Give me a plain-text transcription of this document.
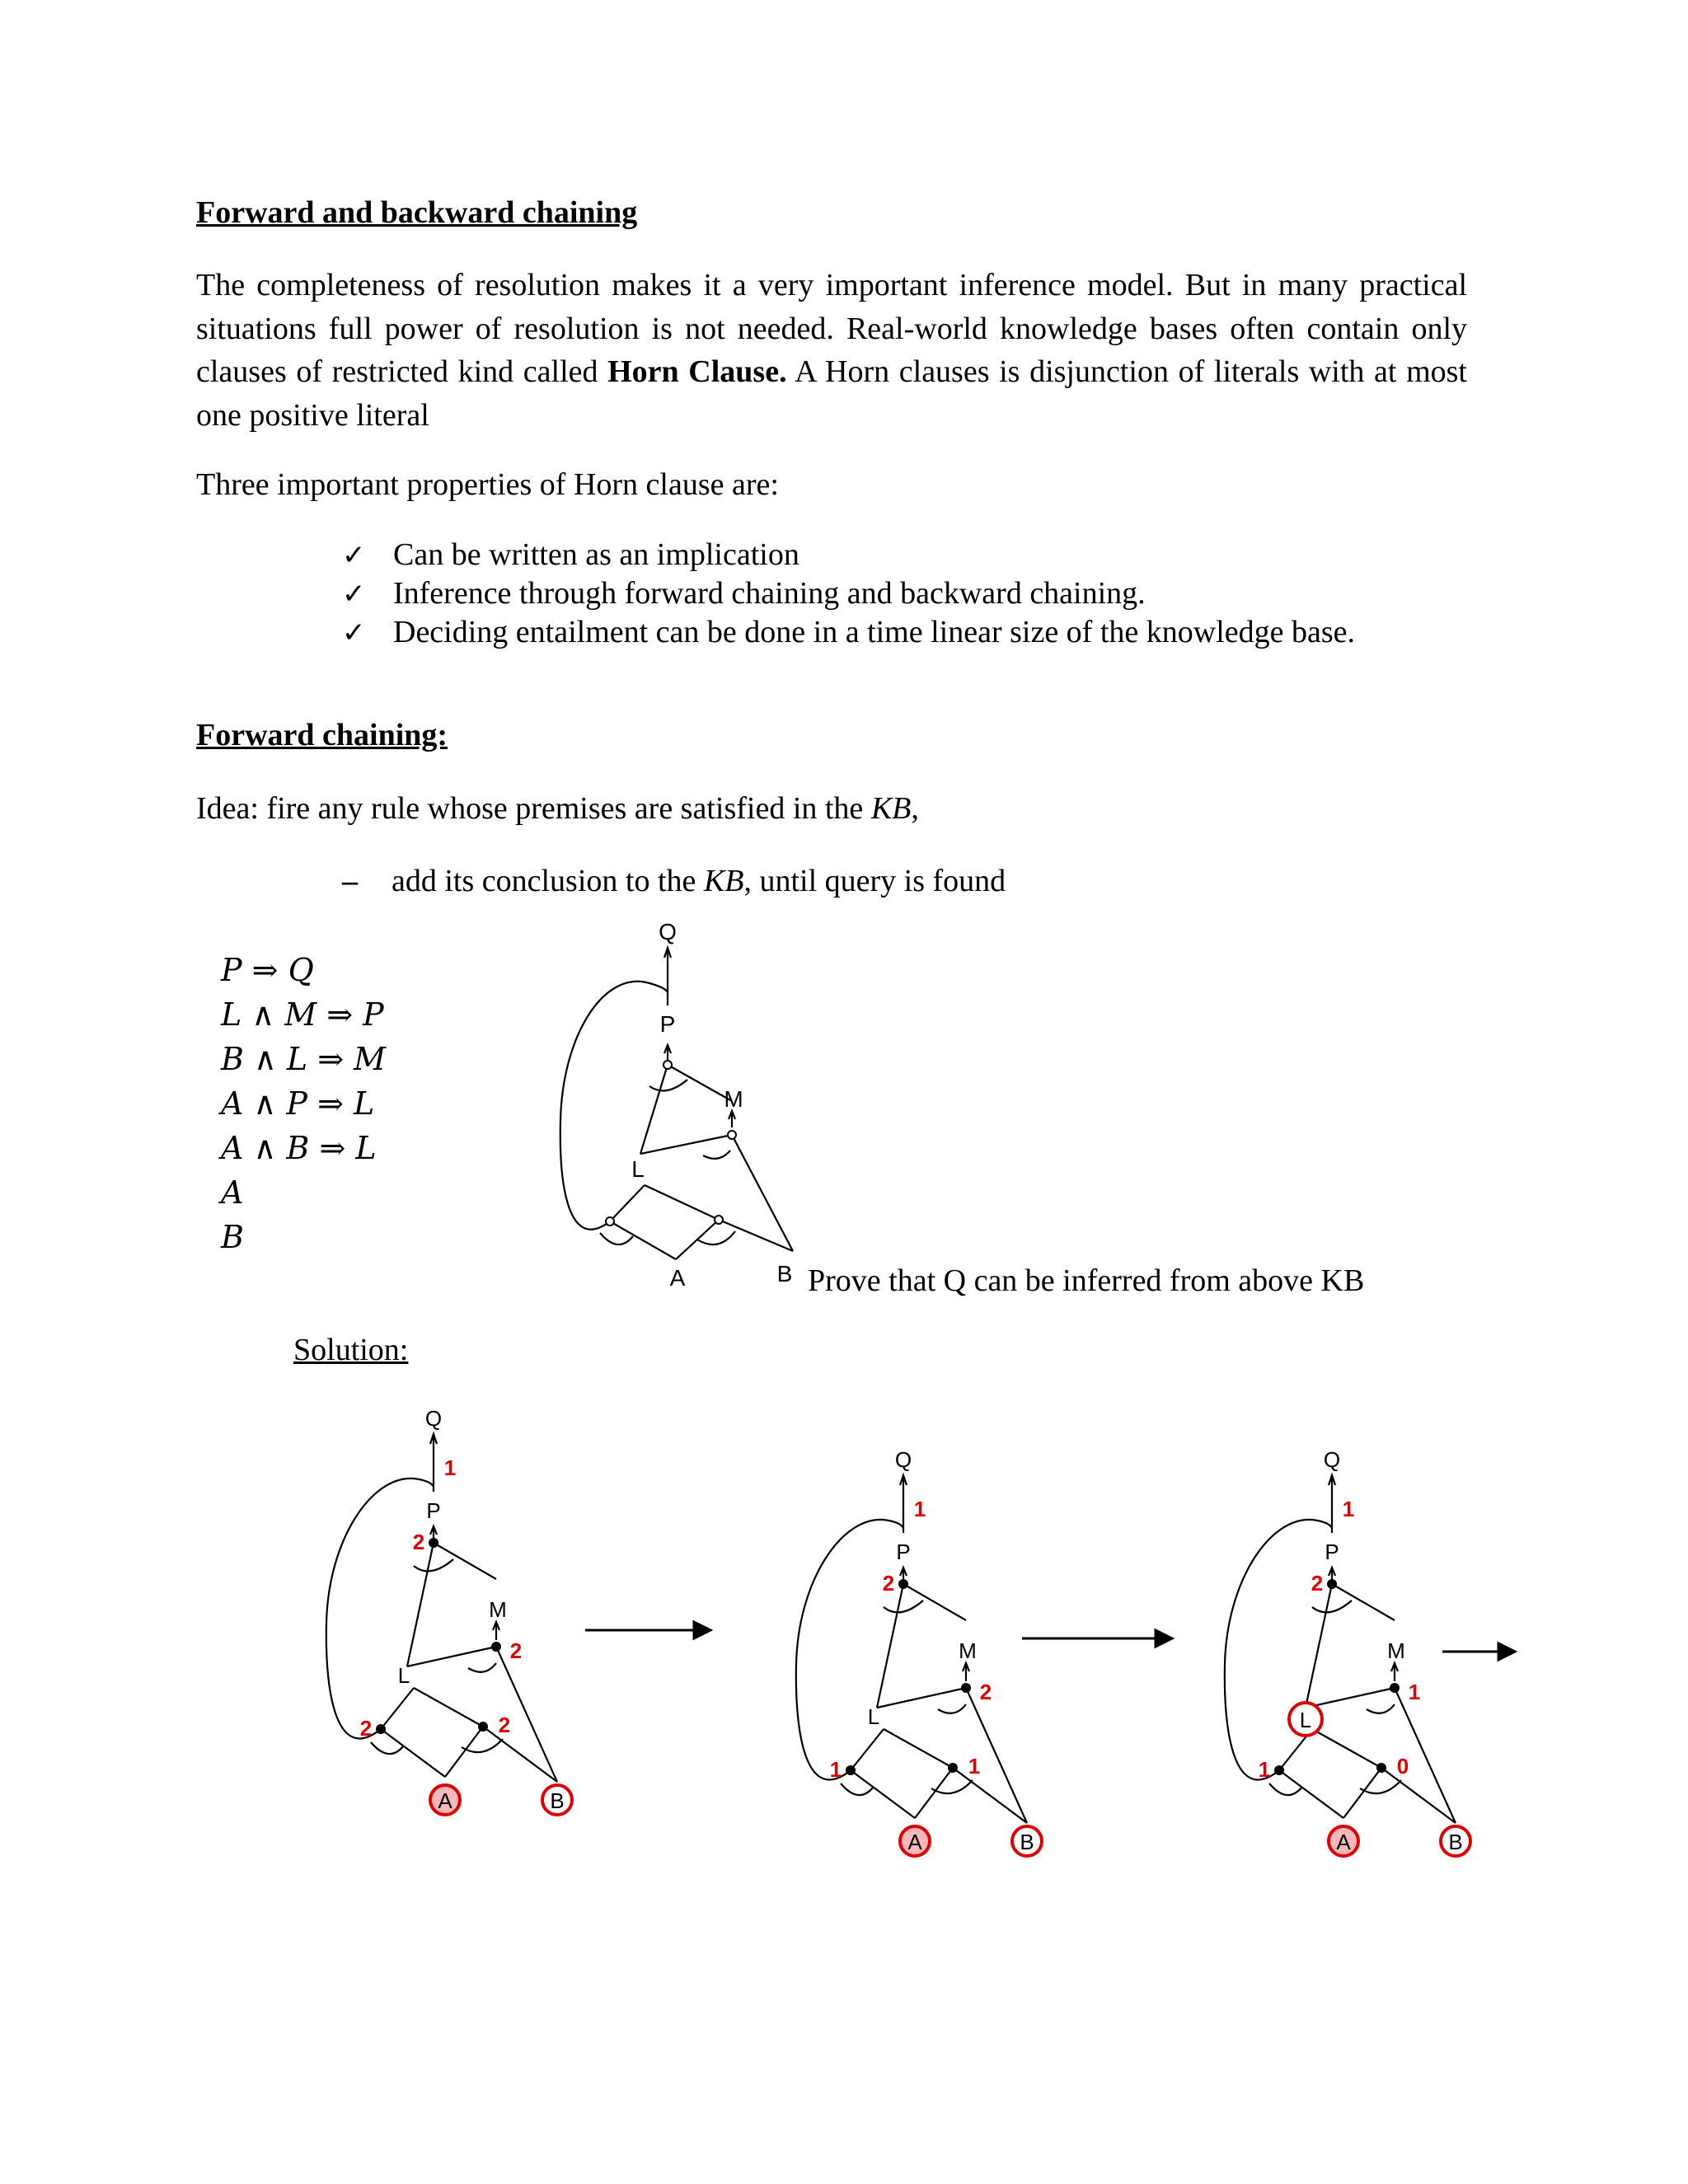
Forward and backward chaining
The completeness of resolution makes it a very important inference model. But in many practical situations full power of resolution is not needed. Real-world knowledge bases often contain only clauses of restricted kind called Horn Clause. A Horn clauses is disjunction of literals with at most one positive literal
Three important properties of Horn clause are:
✓ Can be written as an implication
✓ Inference through forward chaining and backward chaining.
✓ Deciding entailment can be done in a time linear size of the knowledge base.
Forward chaining:
Idea: fire any rule whose premises are satisfied in the KB,
– add its conclusion to the KB, until query is found
P ⇒ Q
L ∧ M ⇒ P
B ∧ L ⇒ M
A ∧ P ⇒ L
A ∧ B ⇒ L
A
B
Q
P
M
L
A	B Prove that Q can be inferred from above KB
Solution:
Q
P
M
L
A	B
1
2
2
2	2
Q
P
M
L
A	B
1
2
2
1	1
Q
P
M
L
A	B
1
2
1
1	0
